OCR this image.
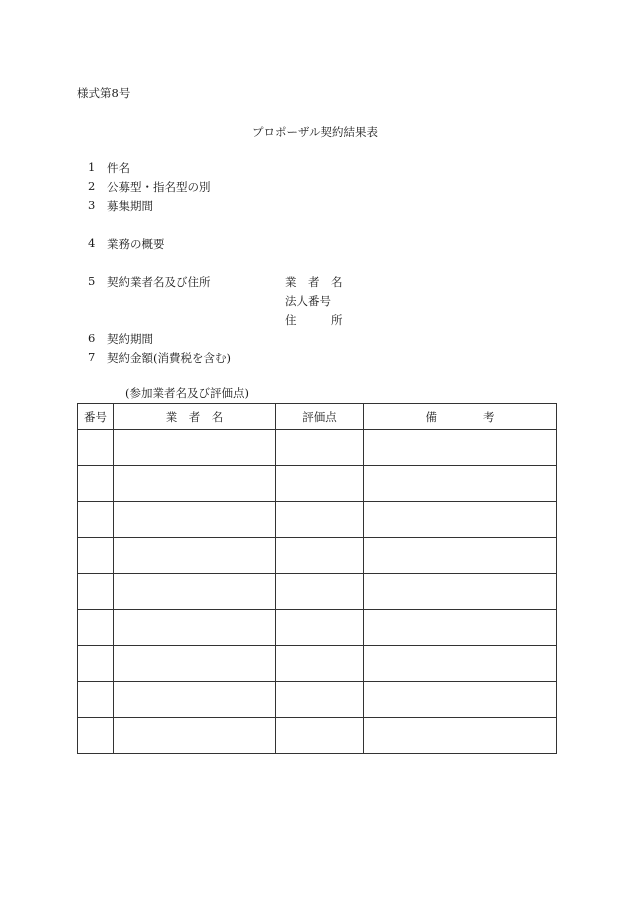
様式第8号
プロポーザル契約結果表
1 件名
2 公募型・指名型の別
3 募集期間
4 業務の概要
5 契約業者名及び住所
6 契約期間
7 契約金額(消費税を含む)
業　者　名
法人番号
住　　　所
(参加業者名及び評価点)
番号	業　者　名	評価点	備　　　　考
